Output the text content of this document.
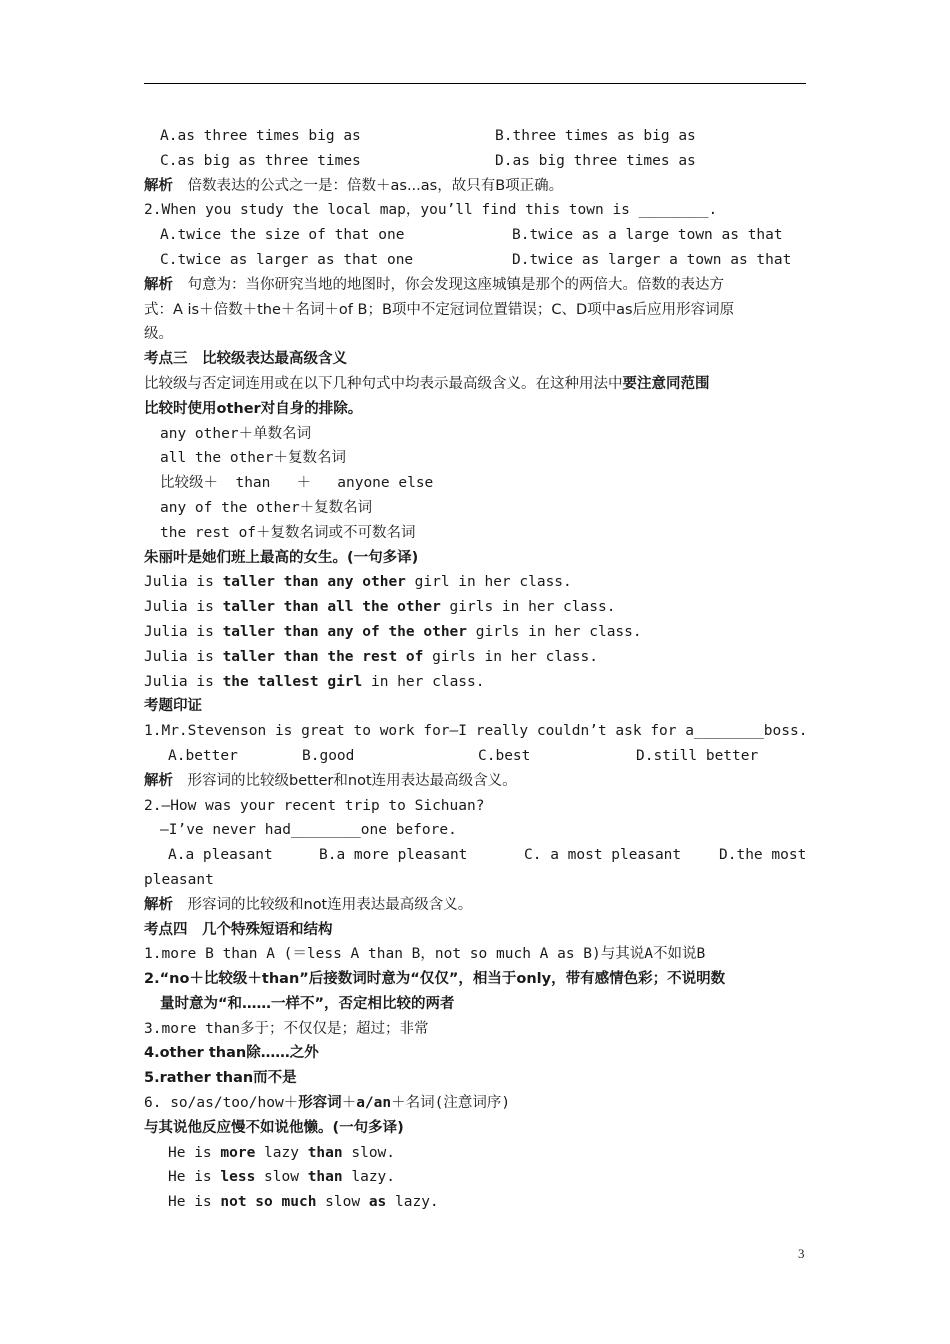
A.as three times big as	B.three times as big as
C.as big as three times	D.as big three times as
解析　 倍数表达的公式之一是：倍数＋as...as，故只有B项正确。
2.When you study the local map，you’ll find this town is ________.
A.twice the size of that one	B.twice as a large town as that
C.twice as larger as that one	D.twice as larger a town as that
解析　 句意为：当你研究当地的地图时，你会发现这座城镇是那个的两倍大。倍数的表达方
式：A is＋倍数＋the＋名词＋of B；B项中不定冠词位置错误；C、D项中as后应用形容词原
级。
考点三　比较级表达最高级含义
比较级与否定词连用或在以下几种句式中均表示最高级含义。在这种用法中要注意同范围
比较时使用other对自身的排除。
any other＋单数名词
all the other＋复数名词
比较级＋  than   ＋   anyone else
any of the other＋复数名词
the rest of＋复数名词或不可数名词
朱丽叶是她们班上最高的女生。(一句多译)
Julia is taller than any other girl in her class.
Julia is taller than all the other girls in her class.
Julia is taller than any of the other girls in her class.
Julia is taller than the rest of girls in her class.
Julia is the tallest girl in her class.
考题印证
1.Mr.Stevenson is great to work for—I really couldn’t ask for a________boss.
A.better	B.good	C.best	D.still better
解析　 形容词的比较级better和not连用表达最高级含义。
2.—How was your recent trip to Sichuan?
—I’ve never had________one before.
A.a pleasant	B.a more pleasant	C. a most pleasant	D.the most
pleasant
解析　 形容词的比较级和not连用表达最高级含义。
考点四　几个特殊短语和结构
1.more B than A (＝less A than B，not so much A as B)与其说A不如说B
2.“no＋比较级＋than”后接数词时意为“仅仅”，相当于only，带有感情色彩；不说明数
量时意为“和……一样不”，否定相比较的两者
3.more than多于；不仅仅是；超过；非常
4.other than除……之外
5.rather than而不是
6. so/as/too/how＋形容词＋a/an＋名词(注意词序)
与其说他反应慢不如说他懒。(一句多译)
He is more lazy than slow.
He is less slow than lazy.
He is not so much slow as lazy.
3
